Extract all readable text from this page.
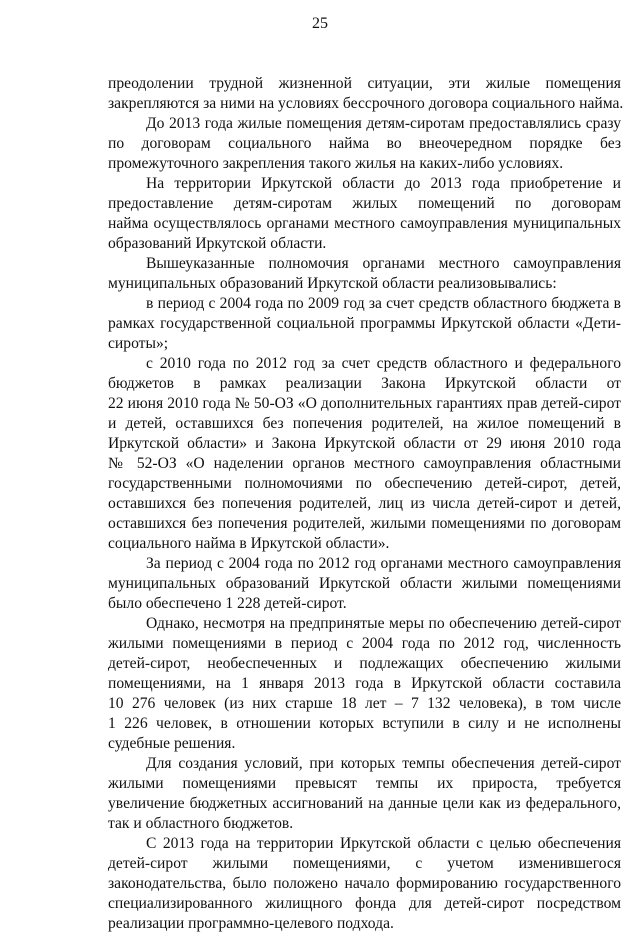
25
преодолении трудной жизненной ситуации, эти жилые помещения
закрепляются за ними на условиях бессрочного договора социального найма.
До 2013 года жилые помещения детям-сиротам предоставлялись сразу
по договорам социального найма во внеочередном порядке без
промежуточного закрепления такого жилья на каких-либо условиях.
На территории Иркутской области до 2013 года приобретение и
предоставление детям-сиротам жилых помещений по договорам
найма осуществлялось органами местного самоуправления муниципальных
образований Иркутской области.
Вышеуказанные полномочия органами местного самоуправления
муниципальных образований Иркутской области реализовывались:
в период с 2004 года по 2009 год за счет средств областного бюджета в
рамках государственной социальной программы Иркутской области «Дети-
сироты»;
с 2010 года по 2012 год за счет средств областного и федерального
бюджетов в рамках реализации Закона Иркутской области от
22 июня 2010 года № 50-ОЗ «О дополнительных гарантиях прав детей-сирот
и детей, оставшихся без попечения родителей, на жилое помещений в
Иркутской области» и Закона Иркутской области от 29 июня 2010 года
№ 52-ОЗ «О наделении органов местного самоуправления областными
государственными полномочиями по обеспечению детей-сирот, детей,
оставшихся без попечения родителей, лиц из числа детей-сирот и детей,
оставшихся без попечения родителей, жилыми помещениями по договорам
социального найма в Иркутской области».
За период с 2004 года по 2012 год органами местного самоуправления
муниципальных образований Иркутской области жилыми помещениями
было обеспечено 1 228 детей-сирот.
Однако, несмотря на предпринятые меры по обеспечению детей-сирот
жилыми помещениями в период с 2004 года по 2012 год, численность
детей-сирот, необеспеченных и подлежащих обеспечению жилыми
помещениями, на 1 января 2013 года в Иркутской области составила
10 276 человек (из них старше 18 лет – 7 132 человека), в том числе
1 226 человек, в отношении которых вступили в силу и не исполнены
судебные решения.
Для создания условий, при которых темпы обеспечения детей-сирот
жилыми помещениями превысят темпы их прироста, требуется
увеличение бюджетных ассигнований на данные цели как из федерального,
так и областного бюджетов.
С 2013 года на территории Иркутской области с целью обеспечения
детей-сирот жилыми помещениями, с учетом изменившегося
законодательства, было положено начало формированию государственного
специализированного жилищного фонда для детей-сирот посредством
реализации программно-целевого подхода.
